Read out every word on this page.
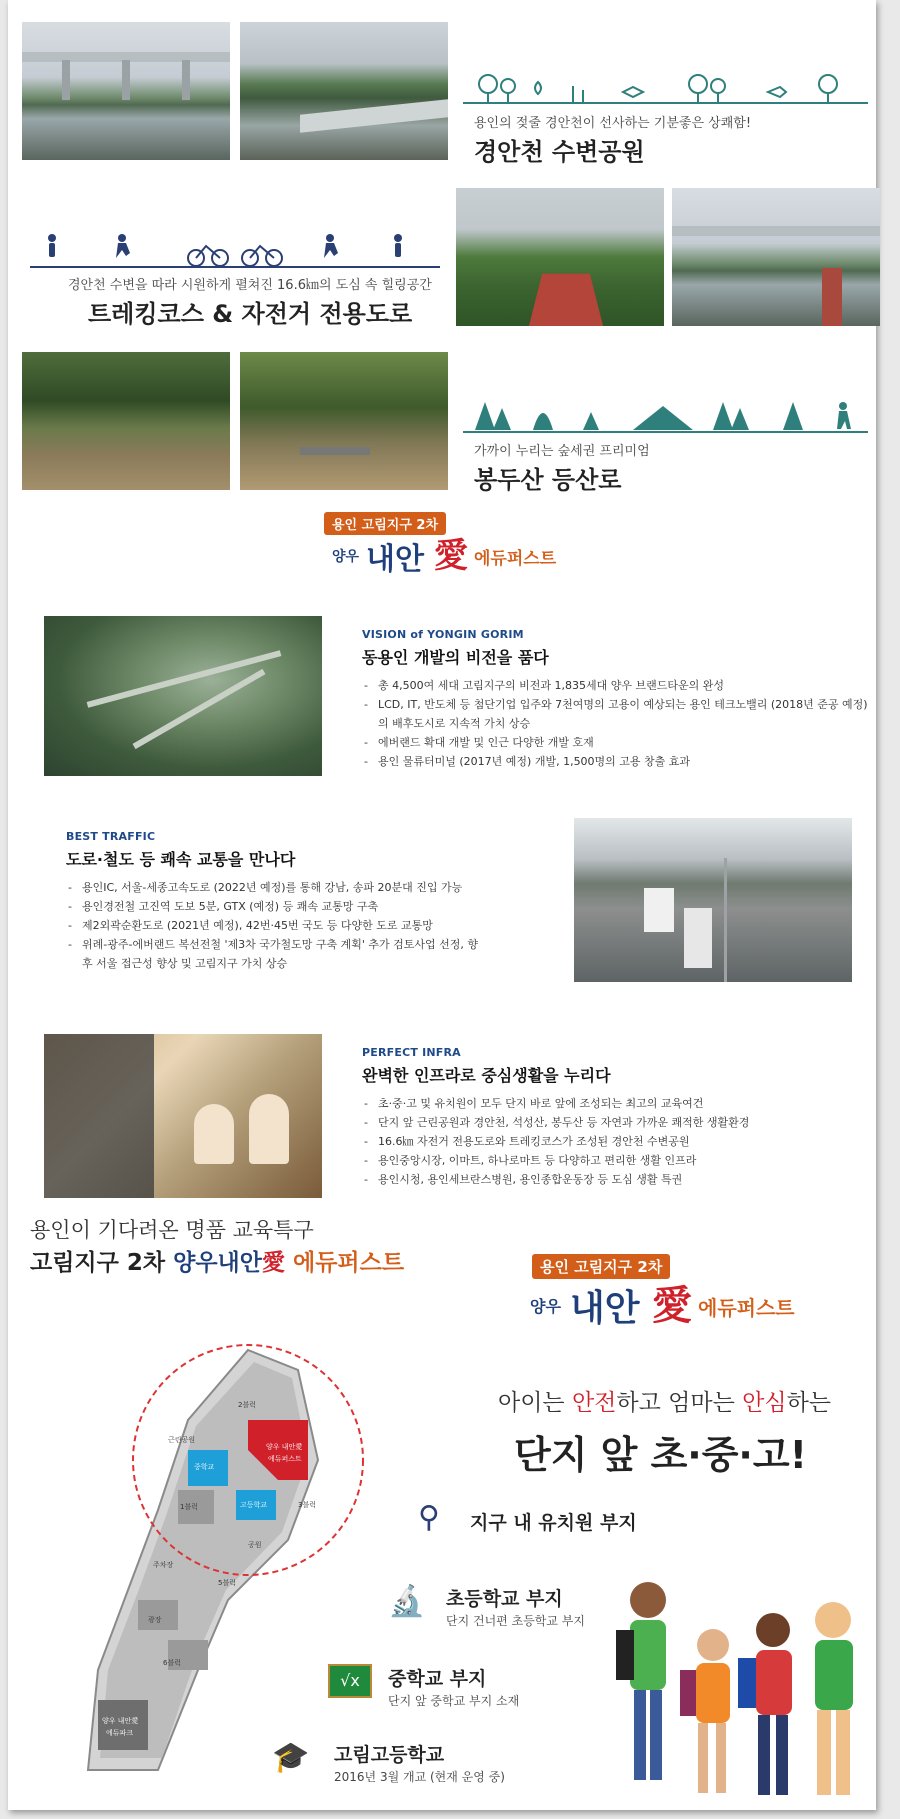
용인의 젖줄 경안천이 선사하는 기분좋은 상쾌함!
경안천 수변공원
경안천 수변을 따라 시원하게 펼쳐진 16.6㎞의 도심 속 힐링공간
트레킹코스 & 자전거 전용도로
가까이 누리는 숲세권 프리미엄
봉두산 등산로
용인 고림지구 2차
양우 내안 愛 에듀퍼스트
VISION of YONGIN GORIM
동용인 개발의 비전을 품다
- 총 4,500여 세대 고림지구의 비전과 1,835세대 양우 브랜드타운의 완성
- LCD, IT, 반도체 등 첨단기업 입주와 7천여명의 고용이 예상되는 용인 테크노밸리 (2018년 준공 예정)의 배후도시로 지속적 가치 상승
- 에버랜드 확대 개발 및 인근 다양한 개발 호재
- 용인 물류터미널 (2017년 예정) 개발, 1,500명의 고용 창출 효과
BEST TRAFFIC
도로·철도 등 쾌속 교통을 만나다
- 용인IC, 서울-세종고속도로 (2022년 예정)를 통해 강남, 송파 20분대 진입 가능
- 용인경전철 고진역 도보 5분, GTX (예정) 등 쾌속 교통망 구축
- 제2외곽순환도로 (2021년 예정), 42번·45번 국도 등 다양한 도로 교통망
- 위례-광주-에버랜드 복선전철 '제3차 국가철도망 구축 계획' 추가 검토사업 선정, 향후 서울 접근성 향상 및 고림지구 가치 상승
PERFECT INFRA
완벽한 인프라로 중심생활을 누리다
- 초·중·고 및 유치원이 모두 단지 바로 앞에 조성되는 최고의 교육여건
- 단지 앞 근린공원과 경안천, 석성산, 봉두산 등 자연과 가까운 쾌적한 생활환경
- 16.6㎞ 자전거 전용도로와 트레킹코스가 조성된 경안천 수변공원
- 용인중앙시장, 이마트, 하나로마트 등 다양하고 편리한 생활 인프라
- 용인시청, 용인세브란스병원, 용인종합운동장 등 도심 생활 특권
용인이 기다려온 명품 교육특구
고림지구 2차 양우내안愛 에듀퍼스트	용인 고림지구 2차
양우 내안 愛 에듀퍼스트
아이는 안전하고 엄마는 안심하는
단지 앞 초·중·고!
양우 내안愛
에듀퍼스트
근린공원
중학교
고등학교
2블럭
3블럭
5블럭
6블럭
1블럭
공원
광장
주차장
양우 내안愛
에듀파크
⚲ 지구 내 유치원 부지
🔬 초등학교 부지
단지 건너편 초등학교 부지
√x	중학교 부지
단지 앞 중학교 부지 소재
🎓 고림고등학교
2016년 3월 개교 (현재 운영 중)
